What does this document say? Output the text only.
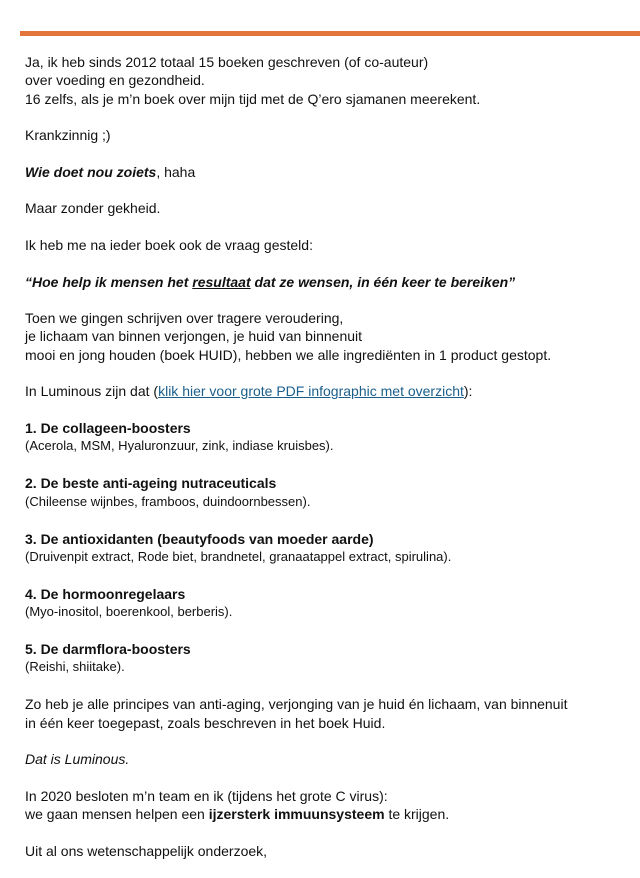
Ja, ik heb sinds 2012 totaal 15 boeken geschreven (of co-auteur)
over voeding en gezondheid.
16 zelfs, als je m’n boek over mijn tijd met de Q’ero sjamanen meerekent.
Krankzinnig ;)
Wie doet nou zoiets, haha
Maar zonder gekheid.
Ik heb me na ieder boek ook de vraag gesteld:
“Hoe help ik mensen het resultaat dat ze wensen, in één keer te bereiken”
Toen we gingen schrijven over tragere veroudering,
je lichaam van binnen verjongen, je huid van binnenuit
mooi en jong houden (boek HUID), hebben we alle ingrediënten in 1 product gestopt.
In Luminous zijn dat (klik hier voor grote PDF infographic met overzicht):
1. De collageen-boosters
(Acerola, MSM, Hyaluronzuur, zink, indiase kruisbes).
2. De beste anti-ageing nutraceuticals
(Chileense wijnbes, framboos, duindoornbessen).
3. De antioxidanten (beautyfoods van moeder aarde)
(Druivenpit extract, Rode biet, brandnetel, granaatappel extract, spirulina).
4. De hormoonregelaars
(Myo-inositol, boerenkool, berberis).
5. De darmflora-boosters
(Reishi, shiitake).
Zo heb je alle principes van anti-aging, verjonging van je huid én lichaam, van binnenuit
in één keer toegepast, zoals beschreven in het boek Huid.
Dat is Luminous.
In 2020 besloten m’n team en ik (tijdens het grote C virus):
we gaan mensen helpen een ijzersterk immuunsysteem te krijgen.
Uit al ons wetenschappelijk onderzoek,
